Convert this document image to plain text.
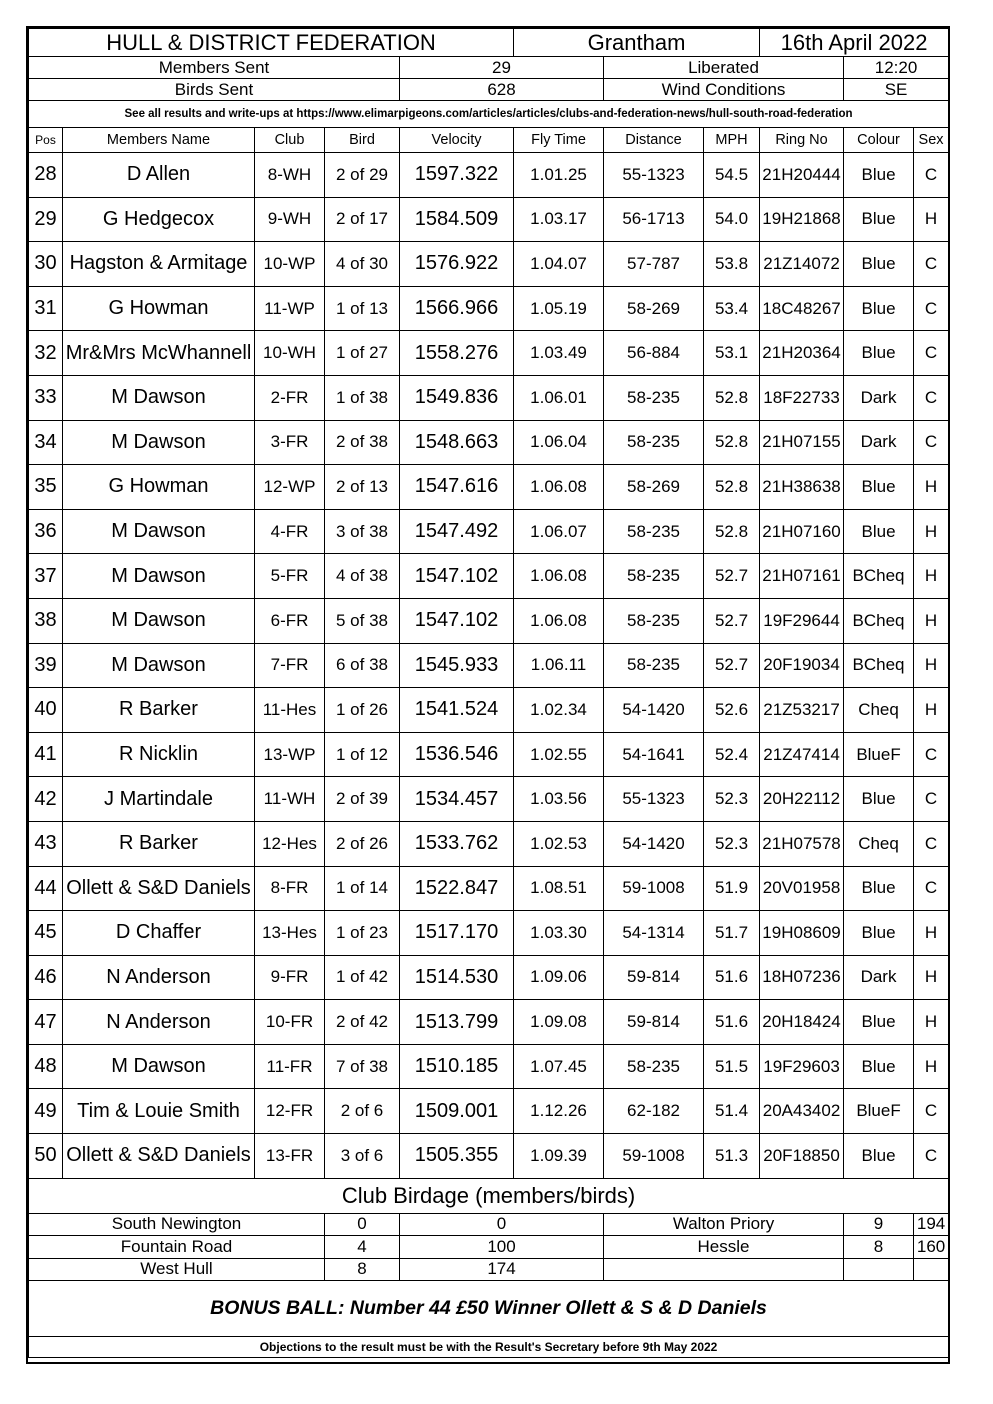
HULL & DISTRICT FEDERATION					Grantham			16th April 2022		
Members Sent				29		Liberated			12:20	
Birds Sent				628		Wind Conditions			SE	
See all results and write-ups at https://www.elimarpigeons.com/articles/articles/clubs-and-federation-news/hull-south-road-federation										
Pos	Members Name	Club	Bird	Velocity	Fly Time	Distance	MPH	Ring No	Colour	Sex
28	D Allen	8-WH	2 of 29	1597.322	1.01.25	55-1323	54.5	21H20444	Blue	C
29	G Hedgecox	9-WH	2 of 17	1584.509	1.03.17	56-1713	54.0	19H21868	Blue	H
30	Hagston & Armitage	10-WP	4 of 30	1576.922	1.04.07	57-787	53.8	21Z14072	Blue	C
31	G Howman	11-WP	1 of 13	1566.966	1.05.19	58-269	53.4	18C48267	Blue	C
32	Mr&Mrs McWhannell	10-WH	1 of 27	1558.276	1.03.49	56-884	53.1	21H20364	Blue	C
33	M Dawson	2-FR	1 of 38	1549.836	1.06.01	58-235	52.8	18F22733	Dark	C
34	M Dawson	3-FR	2 of 38	1548.663	1.06.04	58-235	52.8	21H07155	Dark	C
35	G Howman	12-WP	2 of 13	1547.616	1.06.08	58-269	52.8	21H38638	Blue	H
36	M Dawson	4-FR	3 of 38	1547.492	1.06.07	58-235	52.8	21H07160	Blue	H
37	M Dawson	5-FR	4 of 38	1547.102	1.06.08	58-235	52.7	21H07161	BCheq	H
38	M Dawson	6-FR	5 of 38	1547.102	1.06.08	58-235	52.7	19F29644	BCheq	H
39	M Dawson	7-FR	6 of 38	1545.933	1.06.11	58-235	52.7	20F19034	BCheq	H
40	R Barker	11-Hes	1 of 26	1541.524	1.02.34	54-1420	52.6	21Z53217	Cheq	H
41	R Nicklin	13-WP	1 of 12	1536.546	1.02.55	54-1641	52.4	21Z47414	BlueF	C
42	J Martindale	11-WH	2 of 39	1534.457	1.03.56	55-1323	52.3	20H22112	Blue	C
43	R Barker	12-Hes	2 of 26	1533.762	1.02.53	54-1420	52.3	21H07578	Cheq	C
44	Ollett & S&D Daniels	8-FR	1 of 14	1522.847	1.08.51	59-1008	51.9	20V01958	Blue	C
45	D Chaffer	13-Hes	1 of 23	1517.170	1.03.30	54-1314	51.7	19H08609	Blue	H
46	N Anderson	9-FR	1 of 42	1514.530	1.09.06	59-814	51.6	18H07236	Dark	H
47	N Anderson	10-FR	2 of 42	1513.799	1.09.08	59-814	51.6	20H18424	Blue	H
48	M Dawson	11-FR	7 of 38	1510.185	1.07.45	58-235	51.5	19F29603	Blue	H
49	Tim & Louie Smith	12-FR	2 of 6	1509.001	1.12.26	62-182	51.4	20A43402	BlueF	C
50	Ollett & S&D Daniels	13-FR	3 of 6	1505.355	1.09.39	59-1008	51.3	20F18850	Blue	C
Club Birdage (members/birds)										
South Newington			0	0		Walton Priory			9	194
Fountain Road			4	100		Hessle			8	160
West Hull			8	174						
BONUS BALL: Number 44 £50 Winner Ollett & S & D Daniels										
Objections to the result must be with the Result's Secretary before 9th May 2022										
